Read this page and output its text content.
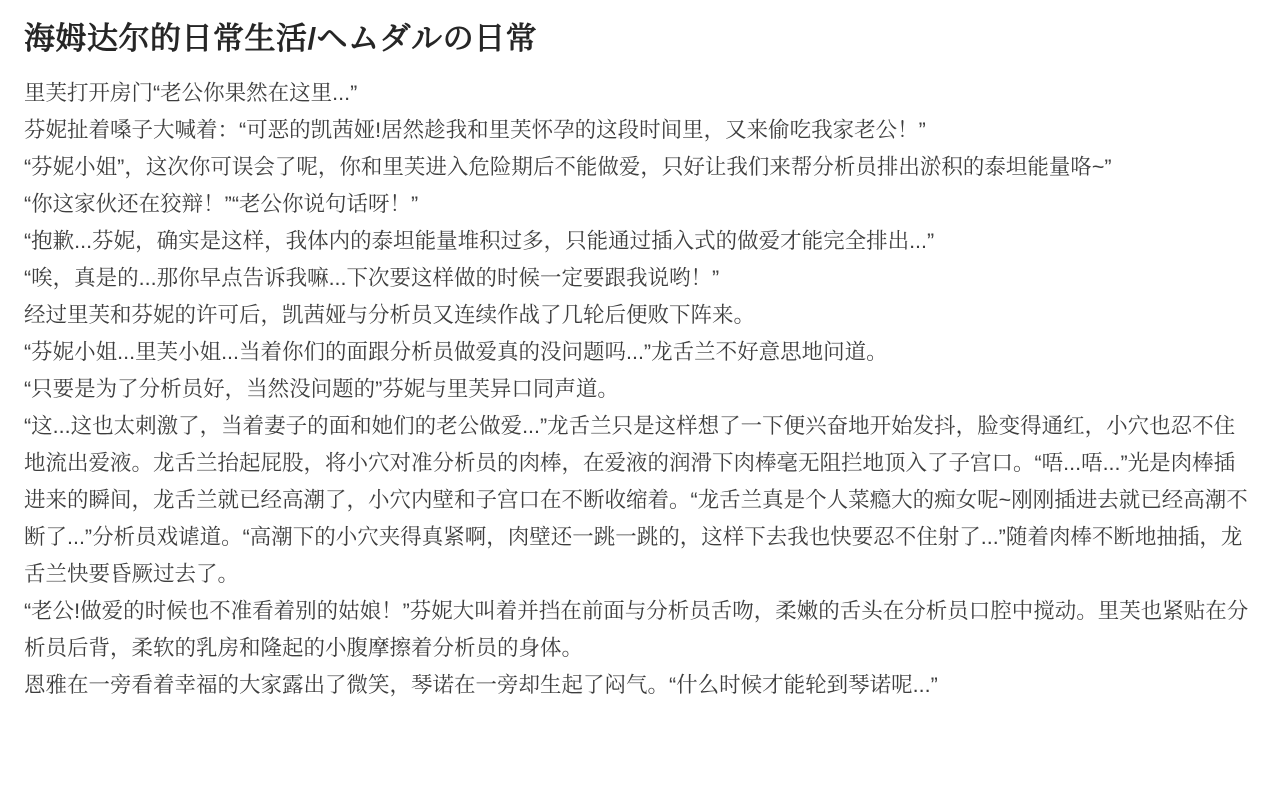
海姆达尔的日常生活/ヘムダルの日常

里芙打开房门“老公你果然在这里...”

芬妮扯着嗓子大喊着：“可恶的凯茜娅!居然趁我和里芙怀孕的这段时间里，又来偷吃我家老公！”

“芬妮小姐”，这次你可误会了呢，你和里芙进入危险期后不能做爱，只好让我们来帮分析员排出淤积的泰坦能量咯~”

“你这家伙还在狡辩！”“老公你说句话呀！”

“抱歉...芬妮，确实是这样，我体内的泰坦能量堆积过多，只能通过插入式的做爱才能完全排出...”

“唉，真是的...那你早点告诉我嘛...下次要这样做的时候一定要跟我说哟！”

经过里芙和芬妮的许可后，凯茜娅与分析员又连续作战了几轮后便败下阵来。

“芬妮小姐...里芙小姐...当着你们的面跟分析员做爱真的没问题吗...”龙舌兰不好意思地问道。

“只要是为了分析员好，当然没问题的”芬妮与里芙异口同声道。

“这...这也太刺激了，当着妻子的面和她们的老公做爱...”龙舌兰只是这样想了一下便兴奋地开始发抖，脸变得通红，小穴也忍不住地流出爱液。龙舌兰抬起屁股，将小穴对准分析员的肉棒，在爱液的润滑下肉棒毫无阻拦地顶入了子宫口。“唔...唔...”光是肉棒插进来的瞬间，龙舌兰就已经高潮了，小穴内壁和子宫口在不断收缩着。“龙舌兰真是个人菜瘾大的痴女呢~刚刚插进去就已经高潮不断了...”分析员戏谑道。“高潮下的小穴夹得真紧啊，肉壁还一跳一跳的，这样下去我也快要忍不住射了...”随着肉棒不断地抽插，龙舌兰快要昏厥过去了。

“老公!做爱的时候也不准看着别的姑娘！”芬妮大叫着并挡在前面与分析员舌吻，柔嫩的舌头在分析员口腔中搅动。里芙也紧贴在分析员后背，柔软的乳房和隆起的小腹摩擦着分析员的身体。

恩雅在一旁看着幸福的大家露出了微笑，琴诺在一旁却生起了闷气。“什么时候才能轮到琴诺呢...”
